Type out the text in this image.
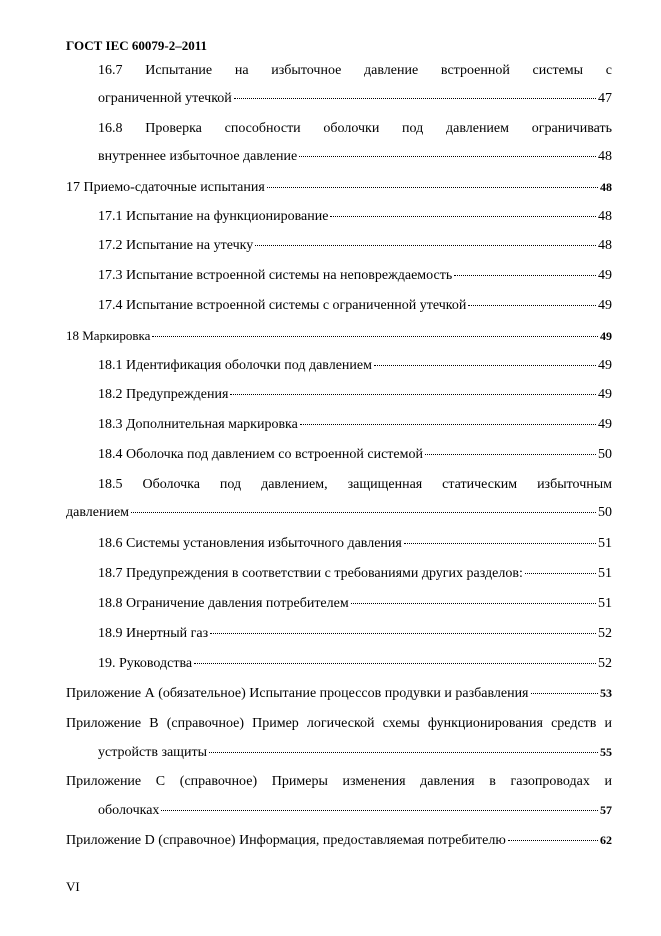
ГОСТ IEC 60079-2–2011
16.7 Испытание на избыточное давление встроенной системы с
ограниченной утечкой	47
16.8 Проверка способности оболочки под давлением ограничивать
внутреннее избыточное давление	48
17 Приемо-сдаточные испытания	48
17.1 Испытание на функционирование	48
17.2 Испытание на утечку	48
17.3 Испытание встроенной системы на неповреждаемость	49
17.4 Испытание встроенной системы с ограниченной утечкой	49
18 Маркировка	49
18.1 Идентификация оболочки под давлением	49
18.2 Предупреждения	49
18.3 Дополнительная маркировка	49
18.4 Оболочка под давлением со встроенной системой	50
18.5 Оболочка под давлением, защищенная статическим избыточным
давлением	50
18.6 Системы установления избыточного давления	51
18.7 Предупреждения в соответствии с требованиями других разделов:	51
18.8 Ограничение давления потребителем	51
18.9 Инертный газ	52
19. Руководства	52
Приложение А (обязательное) Испытание процессов продувки и разбавления	53
Приложение B (справочное) Пример логической схемы функционирования средств и
устройств защиты	55
Приложение C (справочное) Примеры изменения давления в газопроводах и
оболочках	57
Приложение D (справочное) Информация, предоставляемая потребителю	62
VI
